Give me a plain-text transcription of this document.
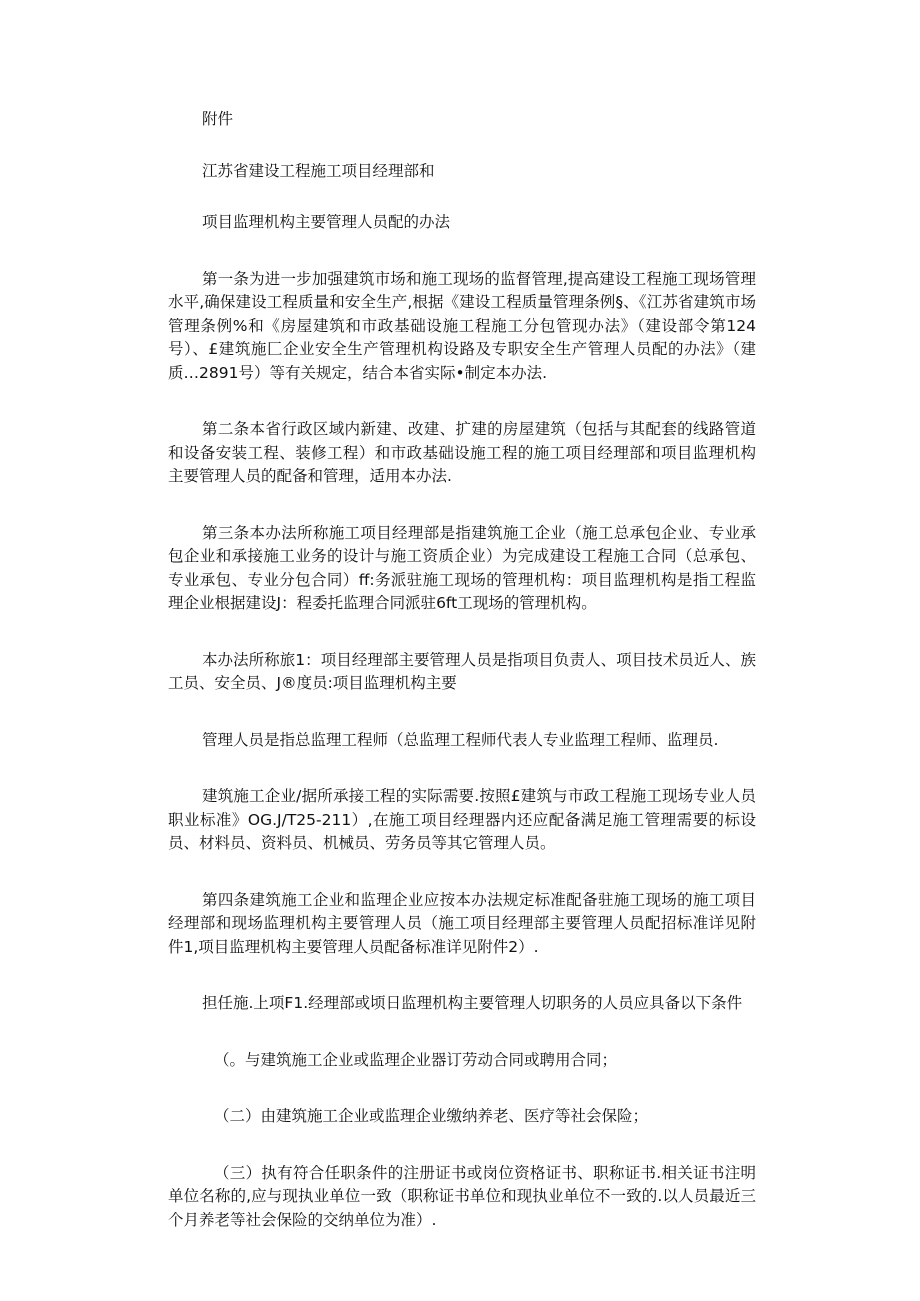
附件

江苏省建设工程施工项目经理部和

项目监理机构主要管理人员配的办法

第一条为进一步加强建筑市场和施工现场的监督管理,提高建设工程施工现场管理水平,确保建设工程质量和安全生产,根据《建设工程质量管理条例§、《江苏省建筑市场管理条例%和《房屋建筑和市政基础设施工程施工分包管现办法》（建设部令第124号）、£建筑施匚企业安全生产管理机构设路及专职安全生产管理人员配的办法》（建质…2891号）等有关规定，结合本省实际•制定本办法.

第二条本省行政区域内新建、改建、扩建的房屋建筑（包括与其配套的线路管道和设备安装工程、装修工程）和市政基础设施工程的施工项目经理部和项目监理机构主要管理人员的配备和管理，适用本办法.

第三条本办法所称施工项目经理部是指建筑施工企业（施工总承包企业、专业承包企业和承接施工业务的设计与施工资质企业）为完成建设工程施工合同（总承包、专业承包、专业分包合同）ff:务派驻施工现场的管理机构：项目监理机构是指工程监理企业根据建设J：程委托监理合同派驻6ft工现场的管理机构。

本办法所称旅1：项目经理部主要管理人员是指项目负责人、项目技术员近人、族工员、安全员、J®度员:项目监理机构主要

管理人员是指总监理工程师（总监理工程师代表人专业监理工程师、监理员.

建筑施工企业/据所承接工程的实际需要.按照£建筑与市政工程施工现场专业人员职业标准》OG.J/T25-211）,在施工项目经理器内还应配备满足施工管理需要的标设员、材料员、资料员、机械员、劳务员等其它管理人员。

第四条建筑施工企业和监理企业应按本办法规定标准配备驻施工现场的施工项目经理部和现场监理机构主要管理人员（施工项目经理部主要管理人员配招标准详见附件1,项目监理机构主要管理人员配备标准详见附件2）.

担任施.上项F1.经理部或顷日监理机构主要管理人切职务的人员应具备以下条件

（。与建筑施工企业或监理企业器订劳动合同或聘用合同；

（二）由建筑施工企业或监理企业缴纳养老、医疗等社会保险；

（三）执有符合任职条件的注册证书或岗位资格证书、职称证书.相关证书注明单位名称的,应与现执业单位一致（职称证书单位和现执业单位不一致的.以人员最近三个月养老等社会保险的交纳单位为准）.
